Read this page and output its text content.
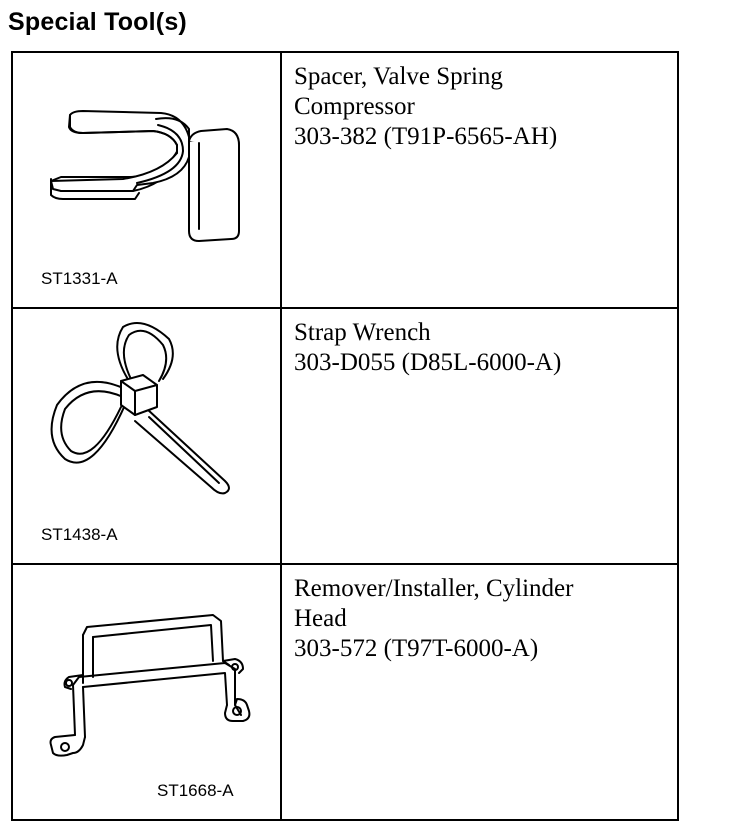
Special Tool(s)
ST1331-A	Spacer, Valve Spring
Compressor
303-382 (T91P-6565-AH)

ST1438-A	Strap Wrench
303-D055 (D85L-6000-A)

ST1668-A	Remover/Installer, Cylinder
Head
303-572 (T97T-6000-A)
